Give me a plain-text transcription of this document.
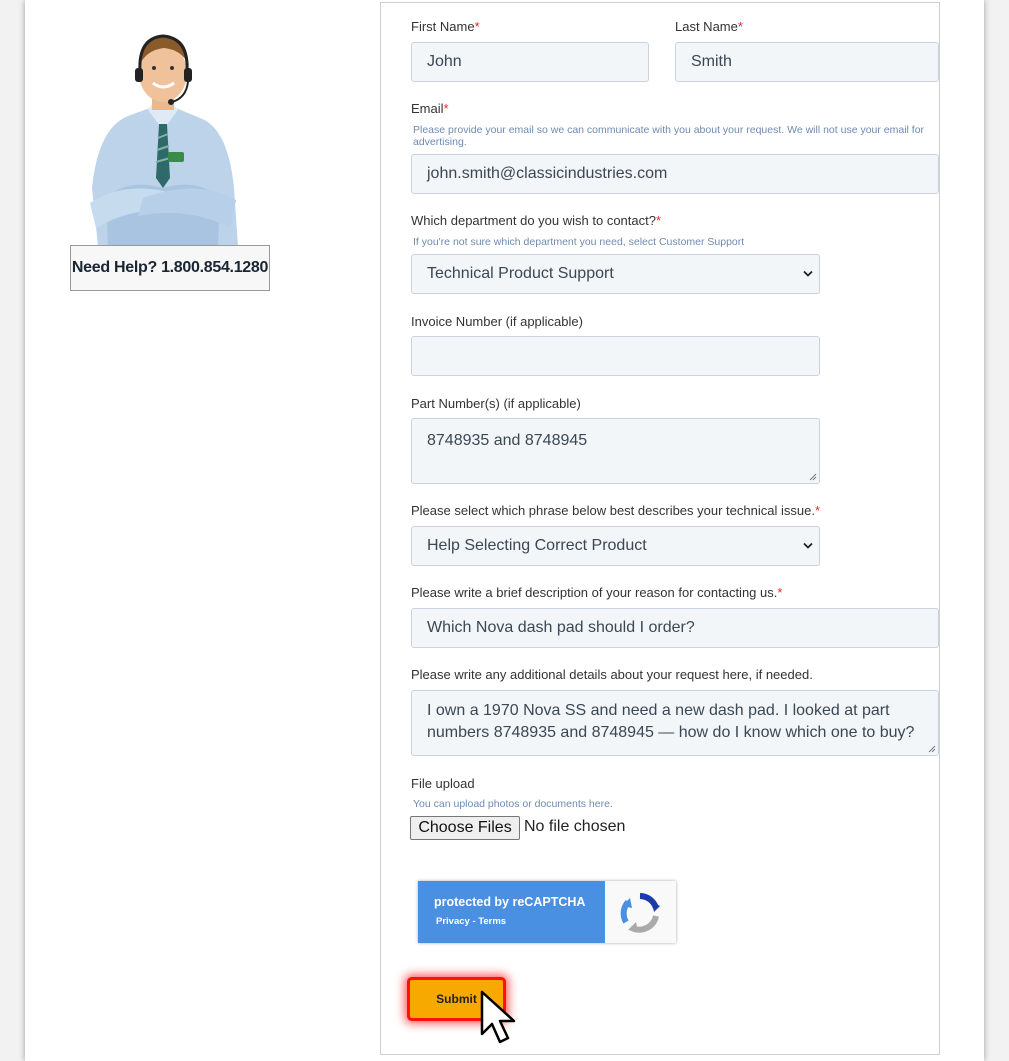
Need Help? 1.800.854.1280
First Name*
John
Last Name*
Smith
Email*
Please provide your email so we can communicate with you about your request. We will not use your email for advertising.
john.smith@classicindustries.com
Which department do you wish to contact?*
If you're not sure which department you need, select Customer Support
Technical Product Support
Invoice Number (if applicable)
Part Number(s) (if applicable)
8748935 and 8748945
Please select which phrase below best describes your technical issue.*
Help Selecting Correct Product
Please write a brief description of your reason for contacting us.*
Which Nova dash pad should I order?
Please write any additional details about your request here, if needed.
I own a 1970 Nova SS and need a new dash pad. I looked at part
numbers 8748935 and 8748945 — how do I know which one to buy?
File upload
You can upload photos or documents here.
Choose Files No file chosen
protected by reCAPTCHA
Privacy - Terms
Submit
